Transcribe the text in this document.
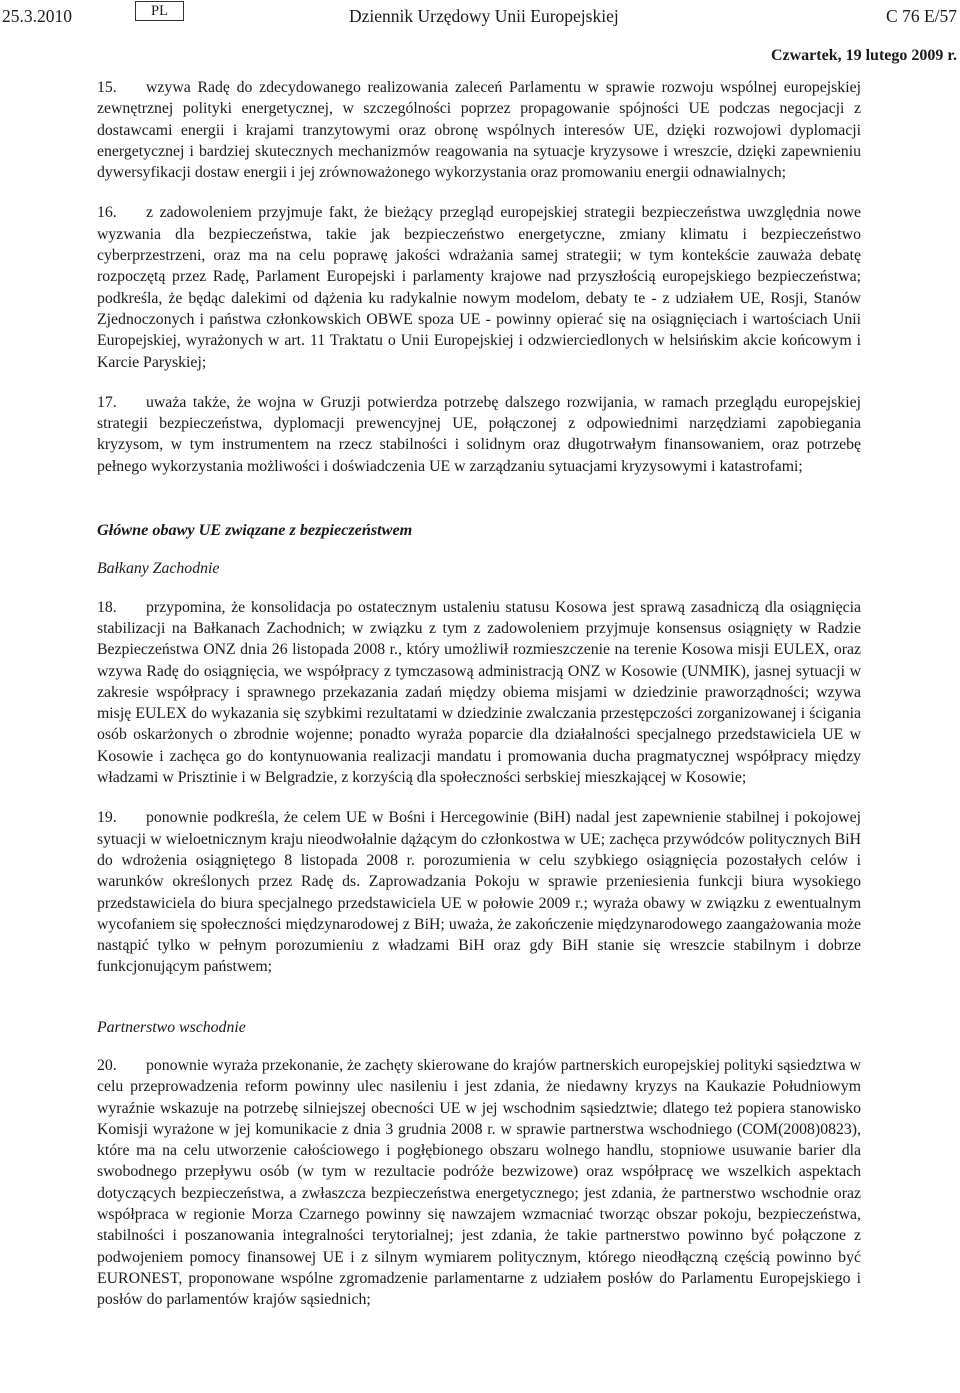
25.3.2010	PL	Dziennik Urzędowy Unii Europejskiej	C 76 E/57
Czwartek, 19 lutego 2009 r.
15. wzywa Radę do zdecydowanego realizowania zaleceń Parlamentu w sprawie rozwoju wspólnej europejskiej zewnętrznej polityki energetycznej, w szczególności poprzez propagowanie spójności UE podczas negocjacji z dostawcami energii i krajami tranzytowymi oraz obronę wspólnych interesów UE, dzięki rozwojowi dyplomacji energetycznej i bardziej skutecznych mechanizmów reagowania na sytuacje kryzysowe i wreszcie, dzięki zapewnieniu dywersyfikacji dostaw energii i jej zrównoważonego wykorzystania oraz promowaniu energii odnawialnych;
16. z zadowoleniem przyjmuje fakt, że bieżący przegląd europejskiej strategii bezpieczeństwa uwzględnia nowe wyzwania dla bezpieczeństwa, takie jak bezpieczeństwo energetyczne, zmiany klimatu i bezpieczeństwo cyberprzestrzeni, oraz ma na celu poprawę jakości wdrażania samej strategii; w tym kontekście zauważa debatę rozpoczętą przez Radę, Parlament Europejski i parlamenty krajowe nad przyszłością europejskiego bezpieczeństwa; podkreśla, że będąc dalekimi od dążenia ku radykalnie nowym modelom, debaty te - z udziałem UE, Rosji, Stanów Zjednoczonych i państwa członkowskich OBWE spoza UE - powinny opierać się na osiągnięciach i wartościach Unii Europejskiej, wyrażonych w art. 11 Traktatu o Unii Europejskiej i odzwierciedlonych w helsińskim akcie końcowym i Karcie Paryskiej;
17. uważa także, że wojna w Gruzji potwierdza potrzebę dalszego rozwijania, w ramach przeglądu europejskiej strategii bezpieczeństwa, dyplomacji prewencyjnej UE, połączonej z odpowiednimi narzędziami zapobiegania kryzysom, w tym instrumentem na rzecz stabilności i solidnym oraz długotrwałym finansowaniem, oraz potrzebę pełnego wykorzystania możliwości i doświadczenia UE w zarządzaniu sytuacjami kryzysowymi i katastrofami;
Główne obawy UE związane z bezpieczeństwem
Bałkany Zachodnie
18. przypomina, że konsolidacja po ostatecznym ustaleniu statusu Kosowa jest sprawą zasadniczą dla osiągnięcia stabilizacji na Bałkanach Zachodnich; w związku z tym z zadowoleniem przyjmuje konsensus osiągnięty w Radzie Bezpieczeństwa ONZ dnia 26 listopada 2008 r., który umożliwił rozmieszczenie na terenie Kosowa misji EULEX, oraz wzywa Radę do osiągnięcia, we współpracy z tymczasową administracją ONZ w Kosowie (UNMIK), jasnej sytuacji w zakresie współpracy i sprawnego przekazania zadań między obiema misjami w dziedzinie praworządności; wzywa misję EULEX do wykazania się szybkimi rezultatami w dziedzinie zwalczania przestępczości zorganizowanej i ścigania osób oskarżonych o zbrodnie wojenne; ponadto wyraża poparcie dla działalności specjalnego przedstawiciela UE w Kosowie i zachęca go do kontynuowania realizacji mandatu i promowania ducha pragmatycznej współpracy między władzami w Prisztinie i w Belgradzie, z korzyścią dla społeczności serbskiej mieszkającej w Kosowie;
19. ponownie podkreśla, że celem UE w Bośni i Hercegowinie (BiH) nadal jest zapewnienie stabilnej i pokojowej sytuacji w wieloetnicznym kraju nieodwołalnie dążącym do członkostwa w UE; zachęca przywódców politycznych BiH do wdrożenia osiągniętego 8 listopada 2008 r. porozumienia w celu szybkiego osiągnięcia pozostałych celów i warunków określonych przez Radę ds. Zaprowadzania Pokoju w sprawie przeniesienia funkcji biura wysokiego przedstawiciela do biura specjalnego przedstawiciela UE w połowie 2009 r.; wyraża obawy w związku z ewentualnym wycofaniem się społeczności międzynarodowej z BiH; uważa, że zakończenie międzynarodowego zaangażowania może nastąpić tylko w pełnym porozumieniu z władzami BiH oraz gdy BiH stanie się wreszcie stabilnym i dobrze funkcjonującym państwem;
Partnerstwo wschodnie
20. ponownie wyraża przekonanie, że zachęty skierowane do krajów partnerskich europejskiej polityki sąsiedztwa w celu przeprowadzenia reform powinny ulec nasileniu i jest zdania, że niedawny kryzys na Kaukazie Południowym wyraźnie wskazuje na potrzebę silniejszej obecności UE w jej wschodnim sąsiedztwie; dlatego też popiera stanowisko Komisji wyrażone w jej komunikacie z dnia 3 grudnia 2008 r. w sprawie partnerstwa wschodniego (COM(2008)0823), które ma na celu utworzenie całościowego i pogłębionego obszaru wolnego handlu, stopniowe usuwanie barier dla swobodnego przepływu osób (w tym w rezultacie podróże bezwizowe) oraz współpracę we wszelkich aspektach dotyczących bezpieczeństwa, a zwłaszcza bezpieczeństwa energetycznego; jest zdania, że partnerstwo wschodnie oraz współpraca w regionie Morza Czarnego powinny się nawzajem wzmacniać tworząc obszar pokoju, bezpieczeństwa, stabilności i poszanowania integralności terytorialnej; jest zdania, że takie partnerstwo powinno być połączone z podwojeniem pomocy finansowej UE i z silnym wymiarem politycznym, którego nieodłączną częścią powinno być EURONEST, proponowane wspólne zgromadzenie parlamentarne z udziałem posłów do Parlamentu Europejskiego i posłów do parlamentów krajów sąsiednich;
